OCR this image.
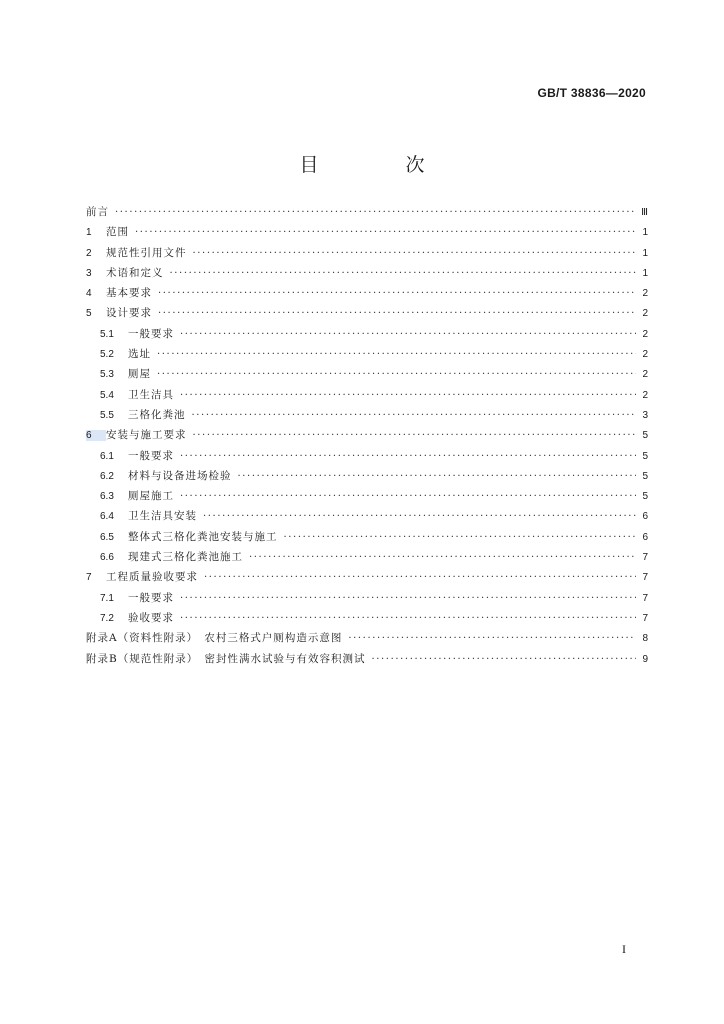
GB/T 38836—2020
目　次
前言 ·····	Ⅲ
1	范围 ·····	1
2	规范性引用文件 ·····	1
3	术语和定义 ·····	1
4	基本要求 ·····	2
5	设计要求 ·····	2
5.1	一般要求 ·····	2
5.2	选址 ·····	2
5.3	厕屋 ·····	2
5.4	卫生洁具 ·····	2
5.5	三格化粪池 ·····	3
6	安装与施工要求 ·····	5
6.1	一般要求 ·····	5
6.2	材料与设备进场检验 ·····	5
6.3	厕屋施工 ·····	5
6.4	卫生洁具安装 ·····	6
6.5	整体式三格化粪池安装与施工 ·····	6
6.6	现建式三格化粪池施工 ·····	7
7	工程质量验收要求 ·····	7
7.1	一般要求 ·····	7
7.2	验收要求 ·····	7
附录A（资料性附录）　农村三格式户厕构造示意图 ·····	8
附录B（规范性附录）　密封性满水试验与有效容积测试 ·····	9
I
